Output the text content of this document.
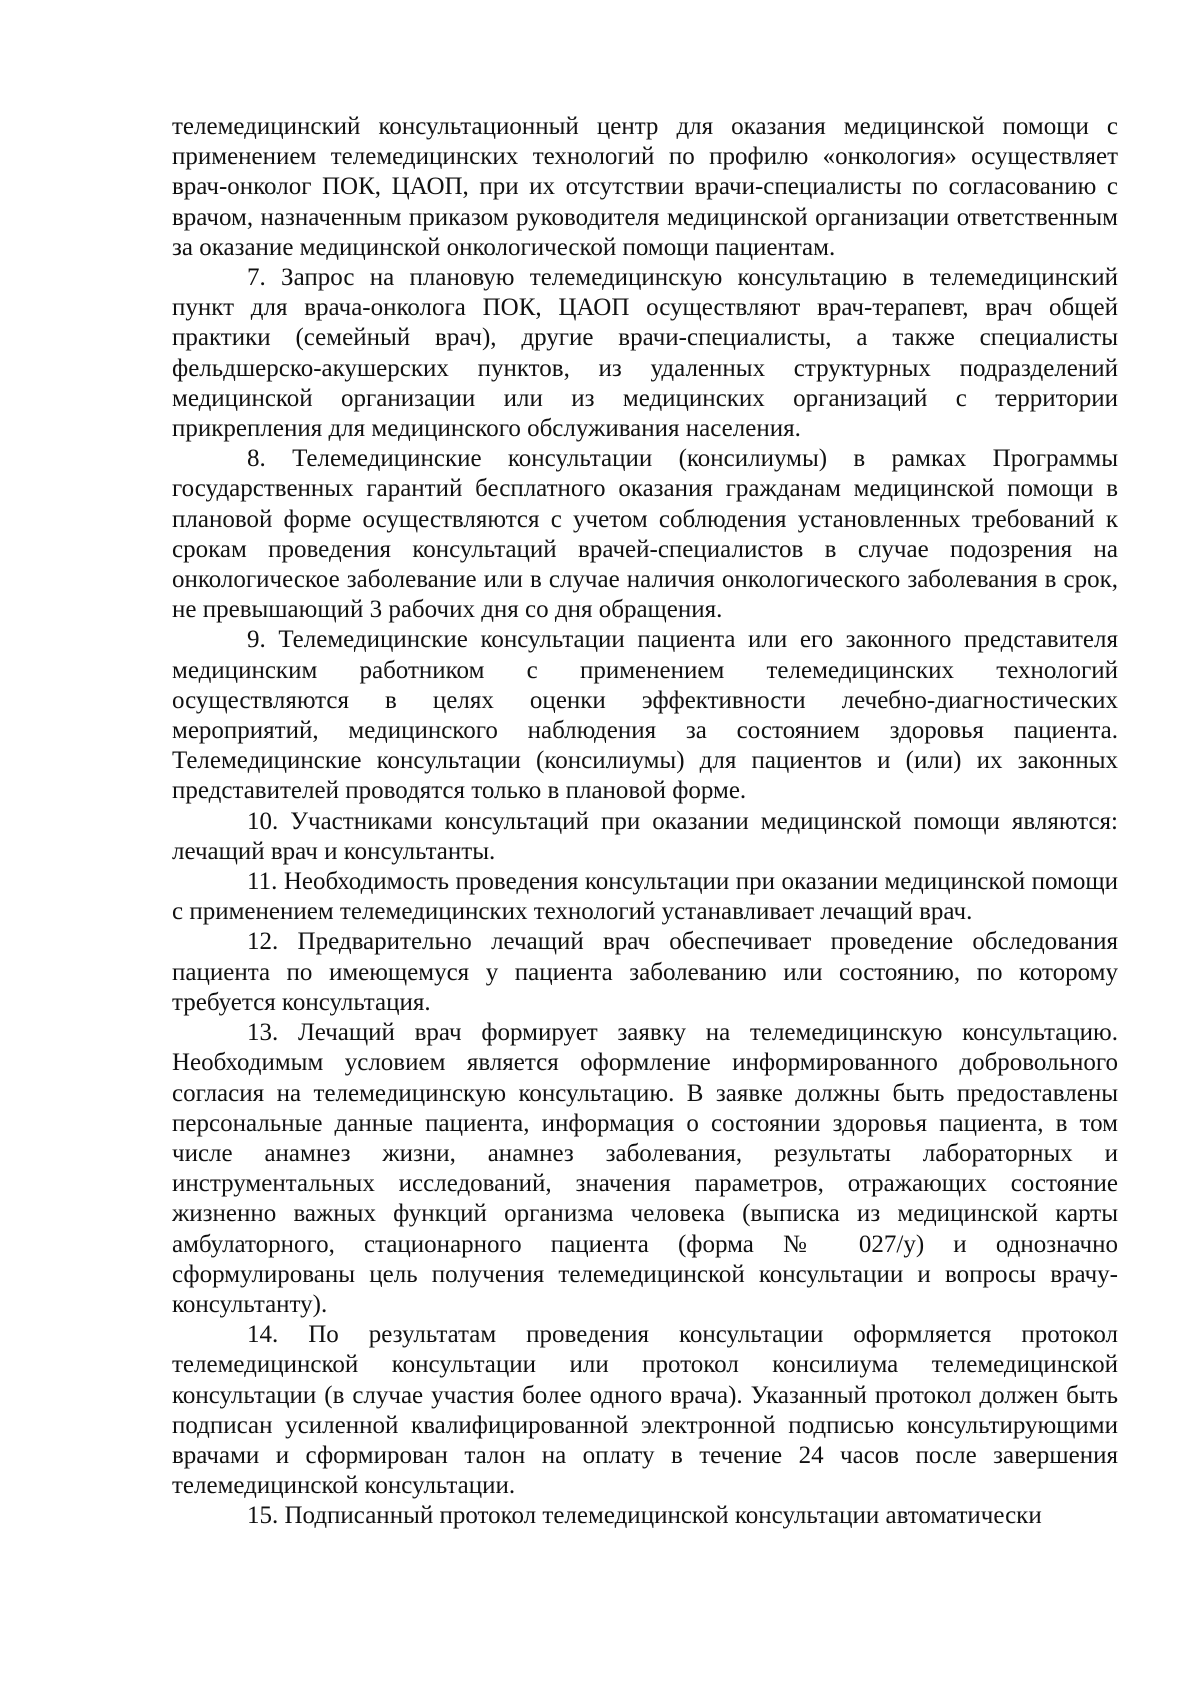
телемедицинский консультационный центр для оказания медицинской помощи с применением телемедицинских технологий по профилю «онкология» осуществляет врач-онколог ПОК, ЦАОП, при их отсутствии врачи-специалисты по согласованию с врачом, назначенным приказом руководителя медицинской организации ответственным за оказание медицинской онкологической помощи пациентам.

7. Запрос на плановую телемедицинскую консультацию в телемедицинский пункт для врача-онколога ПОК, ЦАОП осуществляют врач-терапевт, врач общей практики (семейный врач), другие врачи-специалисты, а также специалисты фельдшерско-акушерских пунктов, из удаленных структурных подразделений медицинской организации или из медицинских организаций с территории прикрепления для медицинского обслуживания населения.

8. Телемедицинские консультации (консилиумы) в рамках Программы государственных гарантий бесплатного оказания гражданам медицинской помощи в плановой форме осуществляются с учетом соблюдения установленных требований к срокам проведения консультаций врачей-специалистов в случае подозрения на онкологическое заболевание или в случае наличия онкологического заболевания в срок, не превышающий 3 рабочих дня со дня обращения.

9. Телемедицинские консультации пациента или его законного представителя медицинским работником с применением телемедицинских технологий осуществляются в целях оценки эффективности лечебно-диагностических мероприятий, медицинского наблюдения за состоянием здоровья пациента. Телемедицинские консультации (консилиумы) для пациентов и (или) их законных представителей проводятся только в плановой форме.

10. Участниками консультаций при оказании медицинской помощи являются: лечащий врач и консультанты.

11. Необходимость проведения консультации при оказании медицинской помощи с применением телемедицинских технологий устанавливает лечащий врач.

12. Предварительно лечащий врач обеспечивает проведение обследования пациента по имеющемуся у пациента заболеванию или состоянию, по которому требуется консультация.

13. Лечащий врач формирует заявку на телемедицинскую консультацию. Необходимым условием является оформление информированного добровольного согласия на телемедицинскую консультацию. В заявке должны быть предоставлены персональные данные пациента, информация о состоянии здоровья пациента, в том числе анамнез жизни, анамнез заболевания, результаты лабораторных и инструментальных исследований, значения параметров, отражающих состояние жизненно важных функций организма человека (выписка из медицинской карты амбулаторного, стационарного пациента (форма № 027/у) и однозначно сформулированы цель получения телемедицинской консультации и вопросы врачу-консультанту).

14. По результатам проведения консультации оформляется протокол телемедицинской консультации или протокол консилиума телемедицинской консультации (в случае участия более одного врача). Указанный протокол должен быть подписан усиленной квалифицированной электронной подписью консультирующими врачами и сформирован талон на оплату в течение 24 часов после завершения телемедицинской консультации.

15. Подписанный протокол телемедицинской консультации автоматически
